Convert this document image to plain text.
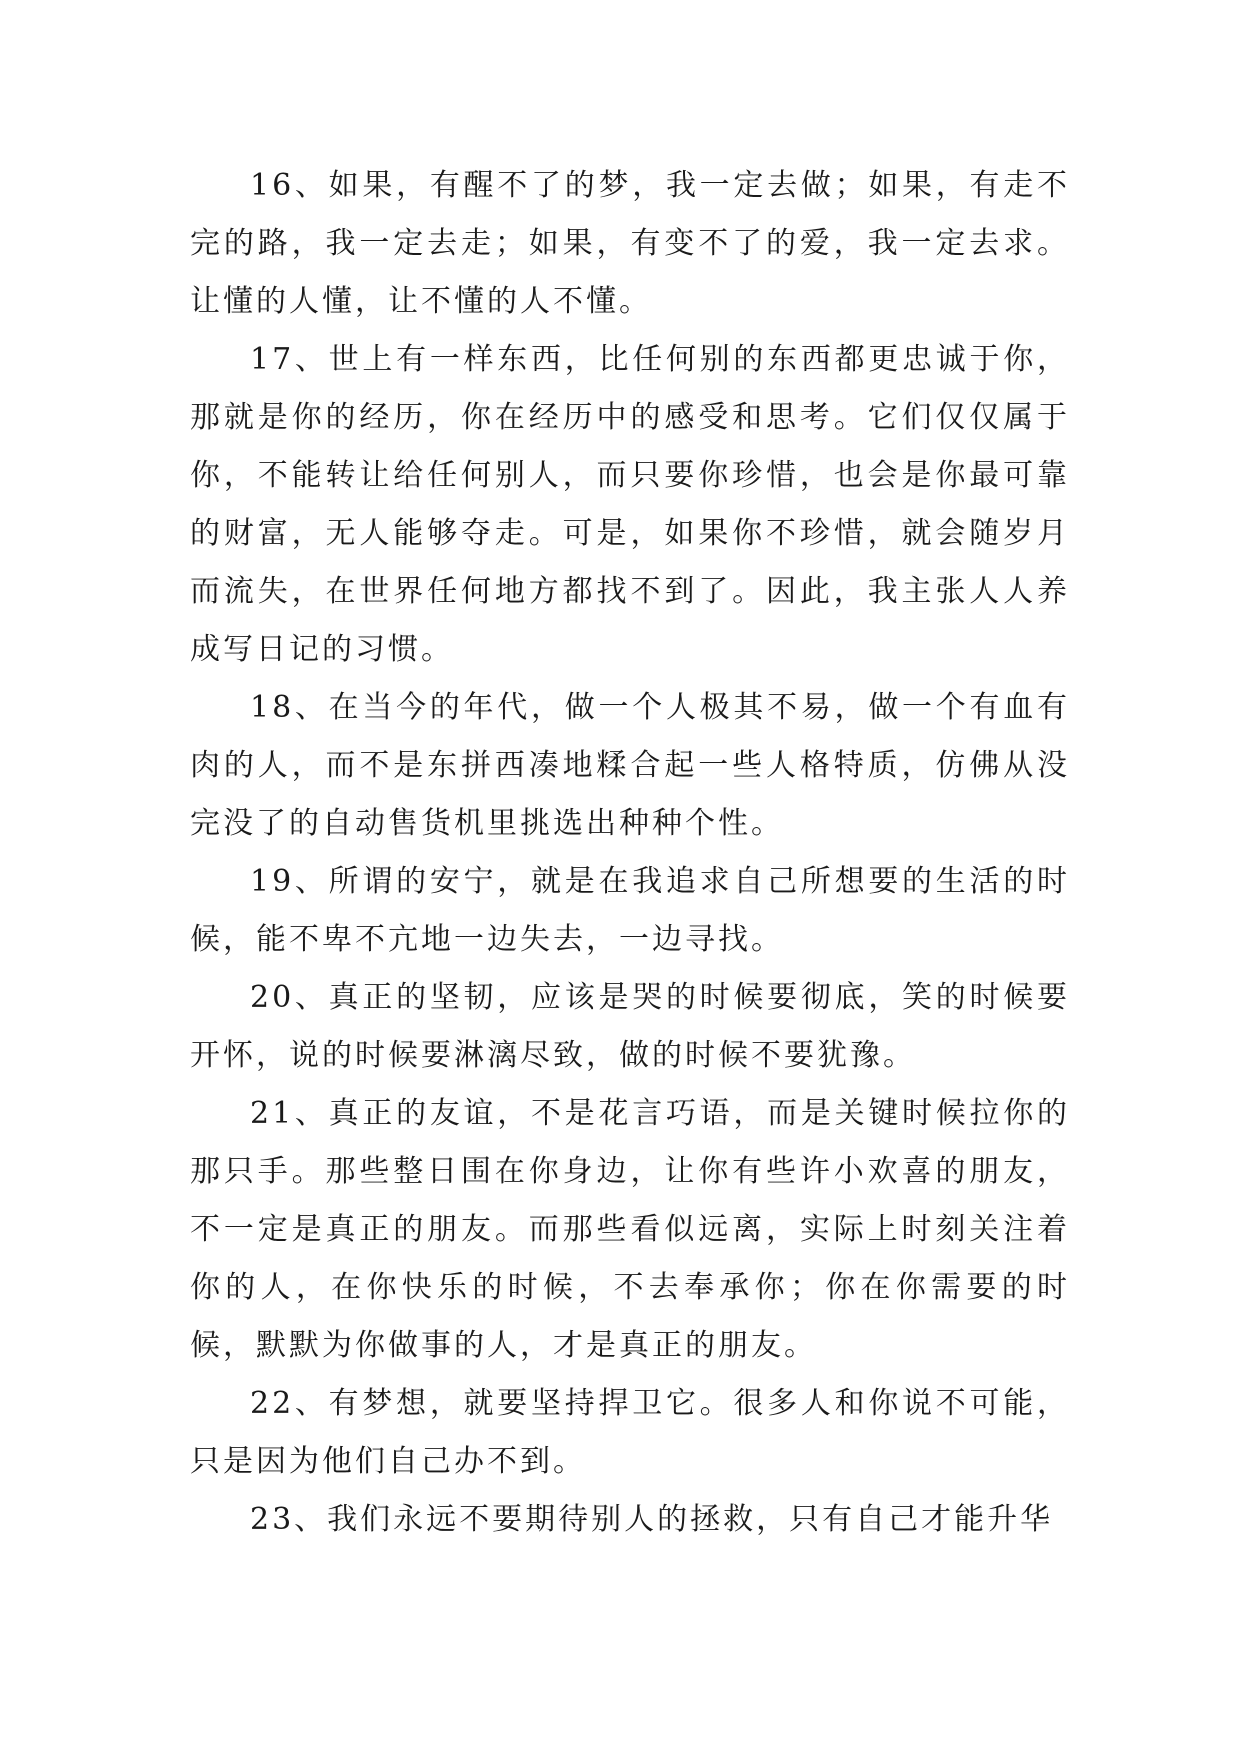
16、如果，有醒不了的梦，我一定去做；如果，有走不完的路，我一定去走；如果，有变不了的爱，我一定去求。让懂的人懂，让不懂的人不懂。

17、世上有一样东西，比任何别的东西都更忠诚于你，那就是你的经历，你在经历中的感受和思考。它们仅仅属于你，不能转让给任何别人，而只要你珍惜，也会是你最可靠的财富，无人能够夺走。可是，如果你不珍惜，就会随岁月而流失，在世界任何地方都找不到了。因此，我主张人人养成写日记的习惯。

18、在当今的年代，做一个人极其不易，做一个有血有肉的人，而不是东拼西凑地糅合起一些人格特质，仿佛从没完没了的自动售货机里挑选出种种个性。

19、所谓的安宁，就是在我追求自己所想要的生活的时候，能不卑不亢地一边失去，一边寻找。

20、真正的坚韧，应该是哭的时候要彻底，笑的时候要开怀，说的时候要淋漓尽致，做的时候不要犹豫。

21、真正的友谊，不是花言巧语，而是关键时候拉你的那只手。那些整日围在你身边，让你有些许小欢喜的朋友，不一定是真正的朋友。而那些看似远离，实际上时刻关注着你的人，在你快乐的时候，不去奉承你；你在你需要的时候，默默为你做事的人，才是真正的朋友。

22、有梦想，就要坚持捍卫它。很多人和你说不可能，只是因为他们自己办不到。

23、我们永远不要期待别人的拯救，只有自己才能升华
